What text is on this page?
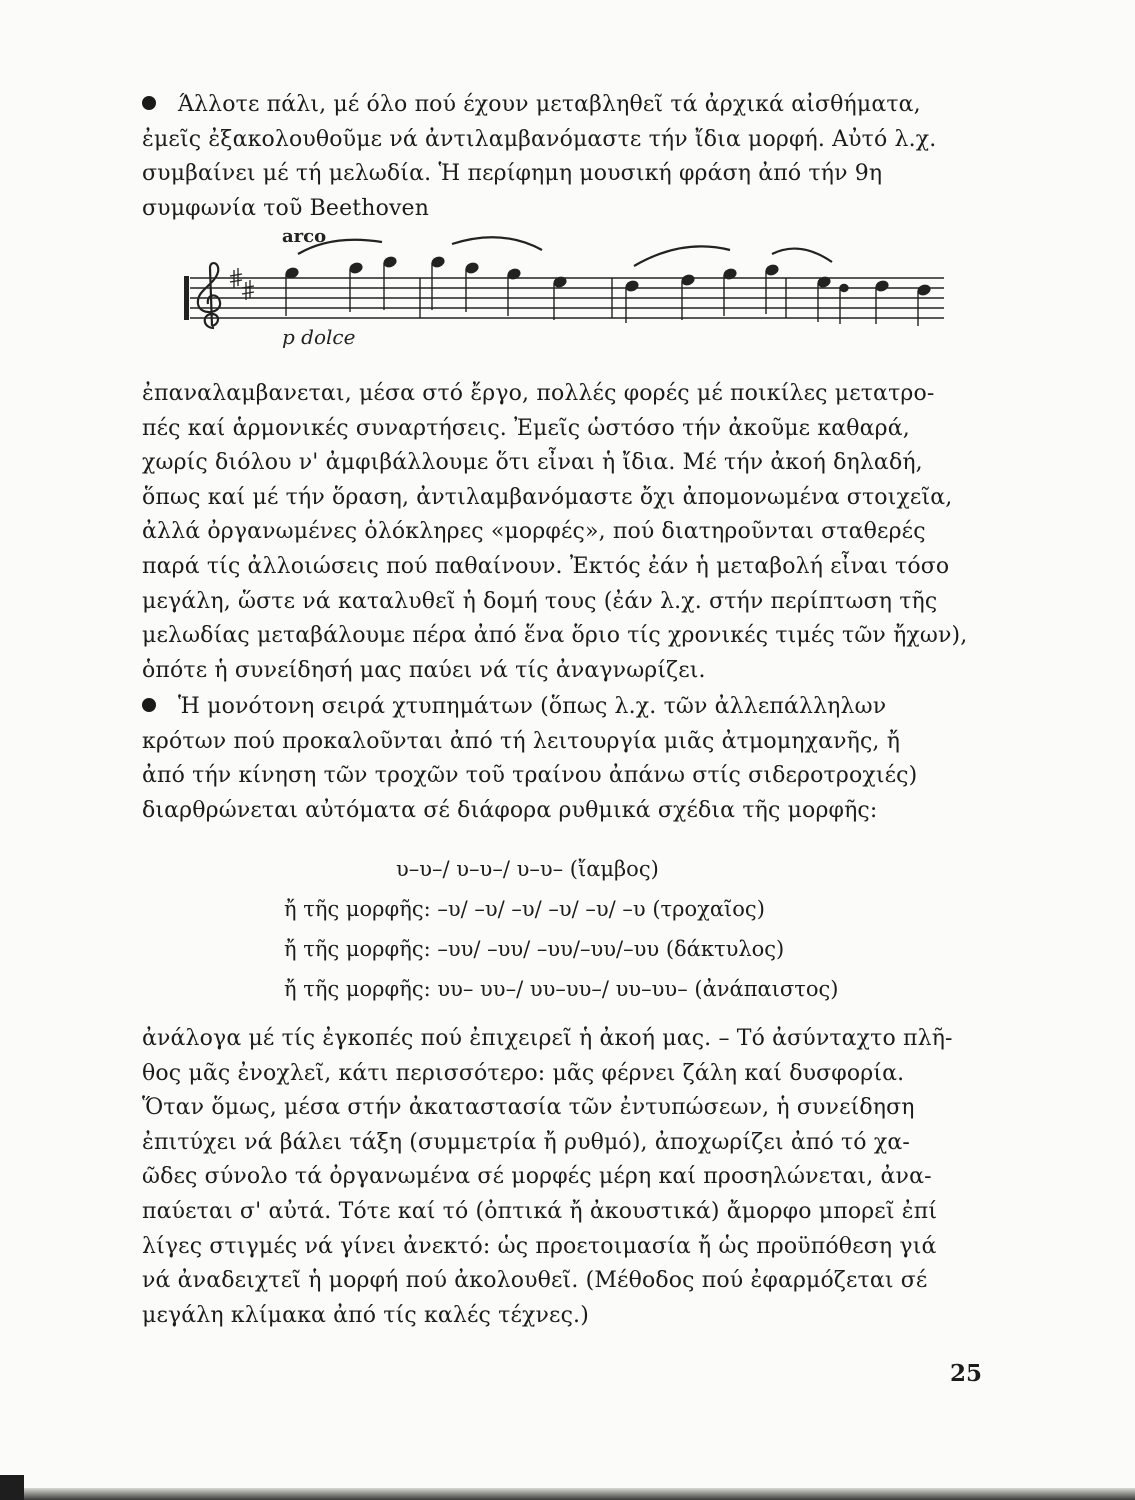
Άλλοτε πάλι, μέ όλο πού έχουν μεταβληθεῖ τά ἀρχικά αἰσθήματα,

ἐμεῖς ἐξακολουθοῦμε νά ἀντιλαμβανόμαστε τήν ἴδια μορφή. Αὐτό λ.χ.

συμβαίνει μέ τή μελωδία. Ἡ περίφημη μουσική φράση ἀπό τήν 9η

συμφωνία τοῦ Beethoven

arco
p dolce

ἐπαναλαμβανεται, μέσα στό ἔργο, πολλές φορές μέ ποικίλες μετατρο-

πές καί ἁρμονικές συναρτήσεις. Ἐμεῖς ὡστόσο τήν ἀκοῦμε καθαρά,

χωρίς διόλου ν' ἀμφιβάλλουμε ὅτι εἶναι ἡ ἴδια. Μέ τήν ἀκοή δηλαδή,

ὅπως καί μέ τήν ὅραση, ἀντιλαμβανόμαστε ὄχι ἀπομονωμένα στοιχεῖα,

ἀλλά ὀργανωμένες ὁλόκληρες «μορφές», πού διατηροῦνται σταθερές

παρά τίς ἀλλοιώσεις πού παθαίνουν. Ἐκτός ἐάν ἡ μεταβολή εἶναι τόσο

μεγάλη, ὥστε νά καταλυθεῖ ἡ δομή τους (ἐάν λ.χ. στήν περίπτωση τῆς

μελωδίας μεταβάλουμε πέρα ἀπό ἕνα ὅριο τίς χρονικές τιμές τῶν ἤχων),

ὁπότε ἡ συνείδησή μας παύει νά τίς ἀναγνωρίζει.

Ἡ μονότονη σειρά χτυπημάτων (ὅπως λ.χ. τῶν ἀλλεπάλληλων

κρότων πού προκαλοῦνται ἀπό τή λειτουργία μιᾶς ἀτμομηχανῆς, ἤ

ἀπό τήν κίνηση τῶν τροχῶν τοῦ τραίνου ἀπάνω στίς σιδεροτροχιές)

διαρθρώνεται αὐτόματα σέ διάφορα ρυθμικά σχέδια τῆς μορφῆς:

υ–υ–/ υ–υ–/ υ–υ– (ἴαμβος)
ἤ τῆς μορφῆς: –υ/ –υ/ –υ/ –υ/ –υ/ –υ (τροχαῖος)
ἤ τῆς μορφῆς: –υυ/ –υυ/ –υυ/–υυ/–υυ (δάκτυλος)
ἤ τῆς μορφῆς: υυ– υυ–/ υυ–υυ–/ υυ–υυ– (ἀνάπαιστος)

ἀνάλογα μέ τίς ἐγκοπές πού ἐπιχειρεῖ ἡ ἀκοή μας. – Τό ἀσύνταχτο πλῆ-

θος μᾶς ἐνοχλεῖ, κάτι περισσότερο: μᾶς φέρνει ζάλη καί δυσφορία.

Ὅταν ὅμως, μέσα στήν ἀκαταστασία τῶν ἐντυπώσεων, ἡ συνείδηση

ἐπιτύχει νά βάλει τάξη (συμμετρία ἤ ρυθμό), ἀποχωρίζει ἀπό τό χα-

ῶδες σύνολο τά ὀργανωμένα σέ μορφές μέρη καί προσηλώνεται, ἀνα-

παύεται σ' αὐτά. Τότε καί τό (ὀπτικά ἤ ἀκουστικά) ἄμορφο μπορεῖ ἐπί

λίγες στιγμές νά γίνει ἀνεκτό: ὡς προετοιμασία ἤ ὡς προϋπόθεση γιά

νά ἀναδειχτεῖ ἡ μορφή πού ἀκολουθεῖ. (Μέθοδος πού ἐφαρμόζεται σέ

μεγάλη κλίμακα ἀπό τίς καλές τέχνες.)

25
